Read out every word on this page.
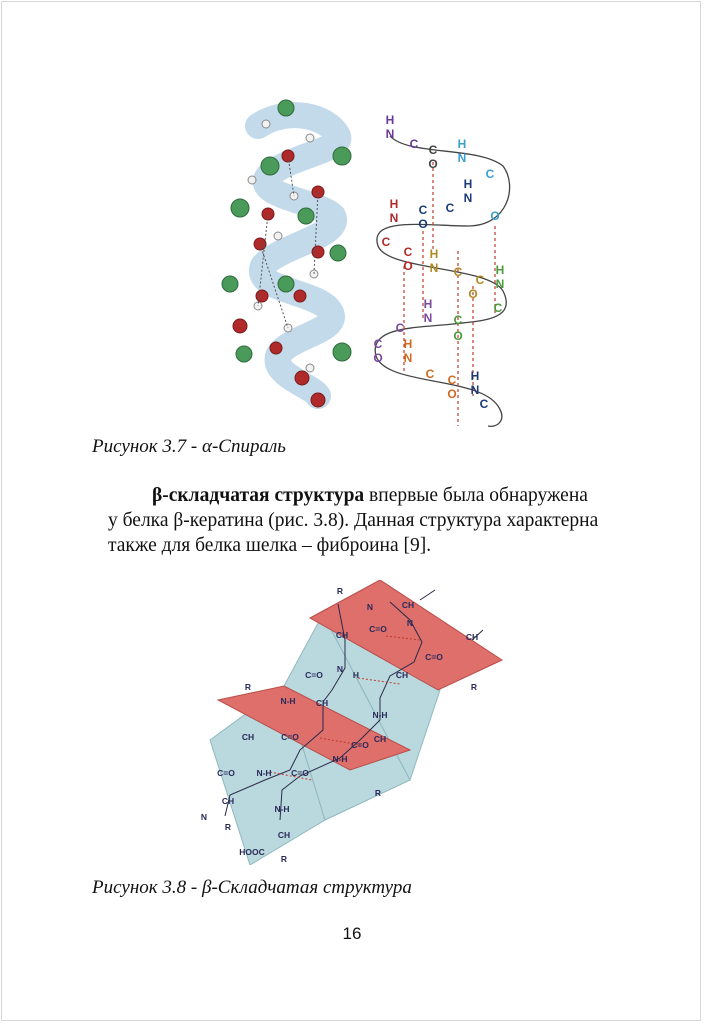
H
N
C C
O
H
N
C
O
H
N
C
C
O
H
N
C
C
O
H
N C
C
O
H
N
C
C
O
H
N
C
C
O
H
N
C C
O
H
N
C
Рисунок 3.7 - α-Спираль
β-складчатая структура впервые была обнаружена
у белка β-кератина (рис. 3.8). Данная структура характерна
также для белка шелка – фиброина [9].
R
CH
N
C=O
CH
N
C=O
CH
R
N
H
C=O	CH
N-H
R
N-H CH
CH	C=O
N-H
C=O
CH
R
C=O	N-H C=O
CH
N
R
N-H
CH
HOOC
R
Рисунок 3.8 - β-Складчатая структура
16
